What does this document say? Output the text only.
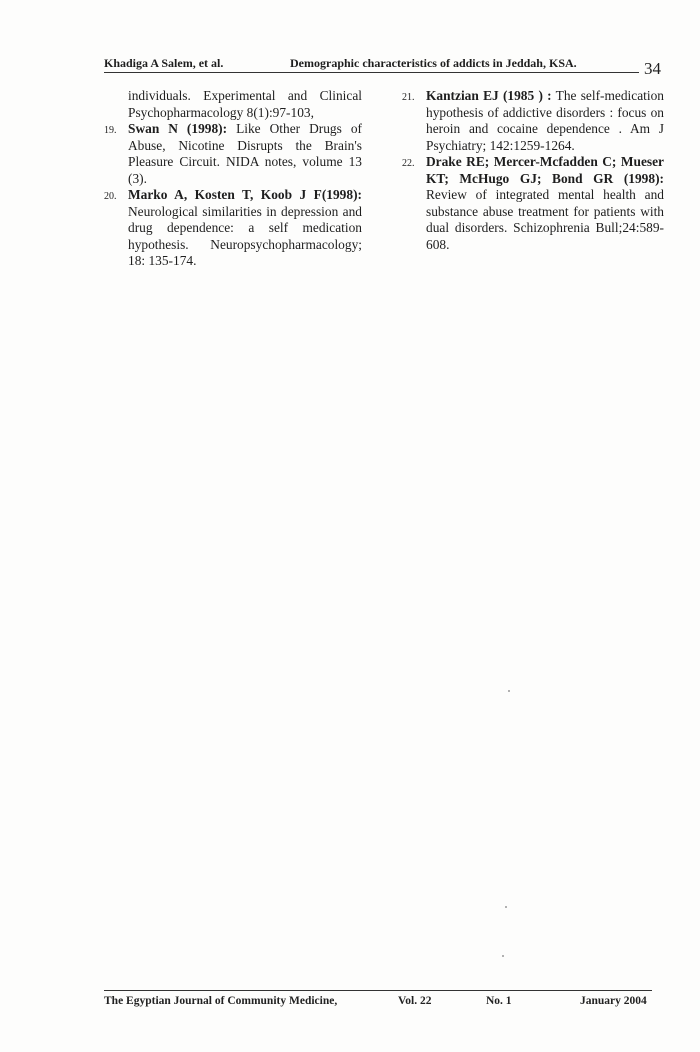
Khadiga A Salem, et al.	Demographic characteristics of addicts in Jeddah, KSA.	34
individuals. Experimental and Clinical Psychopharmacology 8(1):97-103,
19. Swan N (1998): Like Other Drugs of Abuse, Nicotine Disrupts the Brain's Pleasure Circuit. NIDA notes, volume 13 (3).
20. Marko A, Kosten T, Koob J F(1998): Neurological similarities in depression and drug dependence: a self medication hypothesis. Neuropsychopharmacology; 18: 135-174.
21. Kantzian EJ (1985 ) : The self-medication hypothesis of addictive disorders : focus on heroin and cocaine dependence . Am J Psychiatry; 142:1259-1264.
22. Drake RE; Mercer-Mcfadden C; Mueser KT; McHugo GJ; Bond GR (1998): Review of integrated mental health and substance abuse treatment for patients with dual disorders. Schizophrenia Bull;24:589-608.
The Egyptian Journal of Community Medicine,	Vol. 22	No. 1	January 2004
